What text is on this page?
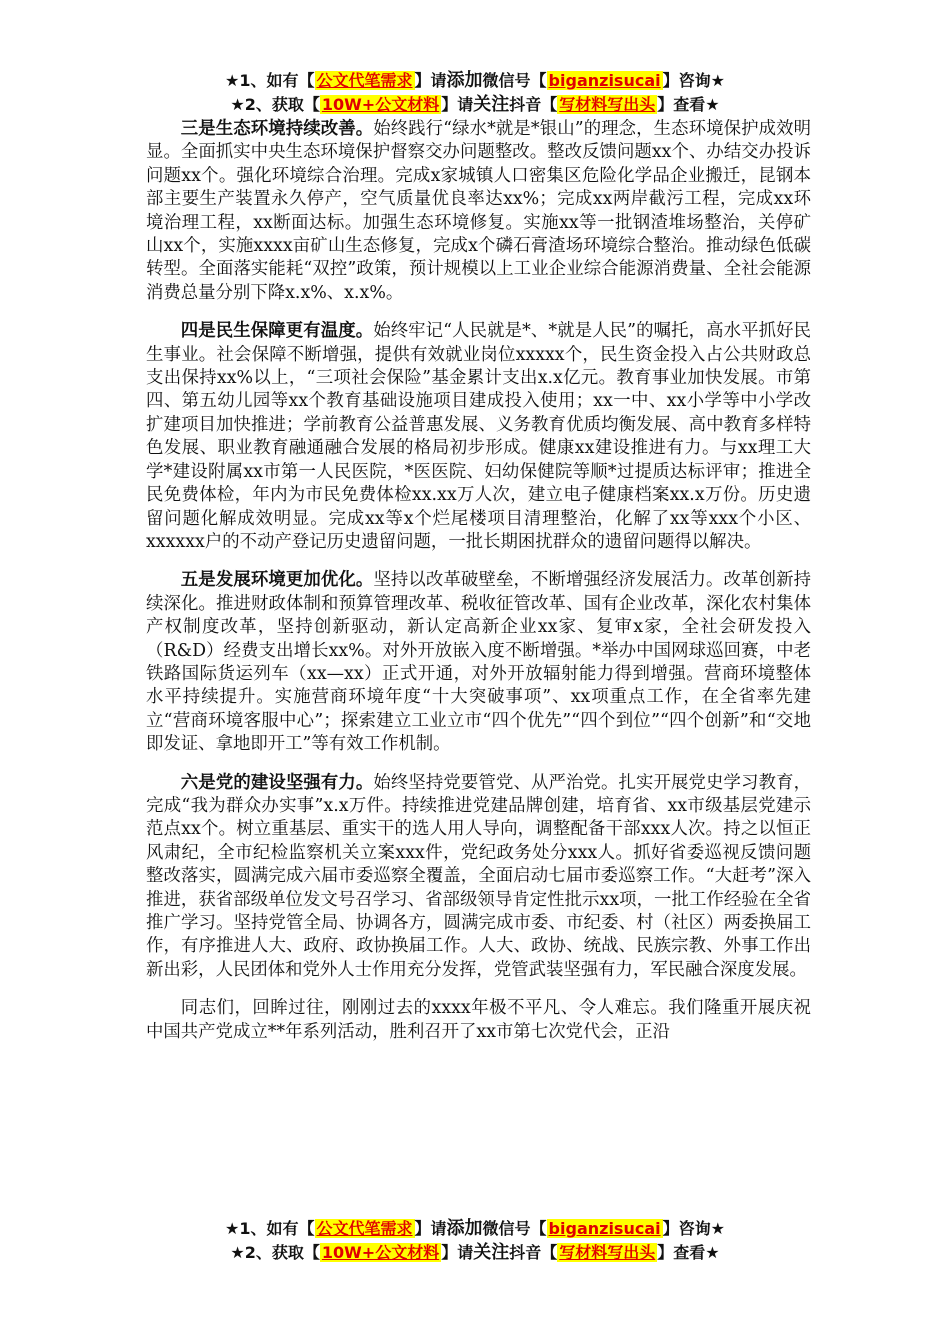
★1、如有【 公文代笔需求 】请添加微信号【 biganzisucai 】咨询★
★2、获取【 10W+公文材料 】请关注抖音【 写材料写出头 】查看★

三是生态环境持续改善。始终践行“绿水*就是*银山”的理念，生态环境保护成效明显。全面抓实中央生态环境保护督察交办问题整改。整改反馈问题xx个、办结交办投诉问题xx个。强化环境综合治理。完成x家城镇人口密集区危险化学品企业搬迁，昆钢本部主要生产装置永久停产，空气质量优良率达xx%；完成xx两岸截污工程，完成xx环境治理工程，xx断面达标。加强生态环境修复。实施xx等一批钢渣堆场整治，关停矿山xx个，实施xxxx亩矿山生态修复，完成x个磷石膏渣场环境综合整治。推动绿色低碳转型。全面落实能耗“双控”政策，预计规模以上工业企业综合能源消费量、全社会能源消费总量分别下降x.x%、x.x%。

四是民生保障更有温度。始终牢记“人民就是*、*就是人民”的嘱托，高水平抓好民生事业。社会保障不断增强，提供有效就业岗位xxxxx个，民生资金投入占公共财政总支出保持xx%以上，“三项社会保险”基金累计支出x.x亿元。教育事业加快发展。市第四、第五幼儿园等xx个教育基础设施项目建成投入使用；xx一中、xx小学等中小学改扩建项目加快推进；学前教育公益普惠发展、义务教育优质均衡发展、高中教育多样特色发展、职业教育融通融合发展的格局初步形成。健康xx建设推进有力。与xx理工大学*建设附属xx市第一人民医院，*医医院、妇幼保健院等顺*过提质达标评审；推进全民免费体检，年内为市民免费体检xx.xx万人次，建立电子健康档案xx.x万份。历史遗留问题化解成效明显。完成xx等x个烂尾楼项目清理整治，化解了xx等xxx个小区、xxxxxx户的不动产登记历史遗留问题，一批长期困扰群众的遗留问题得以解决。

五是发展环境更加优化。坚持以改革破壁垒，不断增强经济发展活力。改革创新持续深化。推进财政体制和预算管理改革、税收征管改革、国有企业改革，深化农村集体产权制度改革，坚持创新驱动，新认定高新企业xx家、复审x家，全社会研发投入（R&D）经费支出增长xx%。对外开放嵌入度不断增强。*举办中国网球巡回赛，中老铁路国际货运列车（xx—xx）正式开通，对外开放辐射能力得到增强。营商环境整体水平持续提升。实施营商环境年度“十大突破事项”、xx项重点工作，在全省率先建立“营商环境客服中心”；探索建立工业立市“四个优先”“四个到位”“四个创新”和“交地即发证、拿地即开工”等有效工作机制。

六是党的建设坚强有力。始终坚持党要管党、从严治党。扎实开展党史学习教育，完成“我为群众办实事”x.x万件。持续推进党建品牌创建，培育省、xx市级基层党建示范点xx个。树立重基层、重实干的选人用人导向，调整配备干部xxx人次。持之以恒正风肃纪，全市纪检监察机关立案xxx件，党纪政务处分xxx人。抓好省委巡视反馈问题整改落实，圆满完成六届市委巡察全覆盖，全面启动七届市委巡察工作。“大赶考”深入推进，获省部级单位发文号召学习、省部级领导肯定性批示xx项，一批工作经验在全省推广学习。坚持党管全局、协调各方，圆满完成市委、市纪委、村（社区）两委换届工作，有序推进人大、政府、政协换届工作。人大、政协、统战、民族宗教、外事工作出新出彩，人民团体和党外人士作用充分发挥，党管武装坚强有力，军民融合深度发展。

同志们，回眸过往，刚刚过去的xxxx年极不平凡、令人难忘。我们隆重开展庆祝中国共产党成立**年系列活动，胜利召开了xx市第七次党代会，正沿

★1、如有【 公文代笔需求 】请添加微信号【 biganzisucai 】咨询★
★2、获取【 10W+公文材料 】请关注抖音【 写材料写出头 】查看★
